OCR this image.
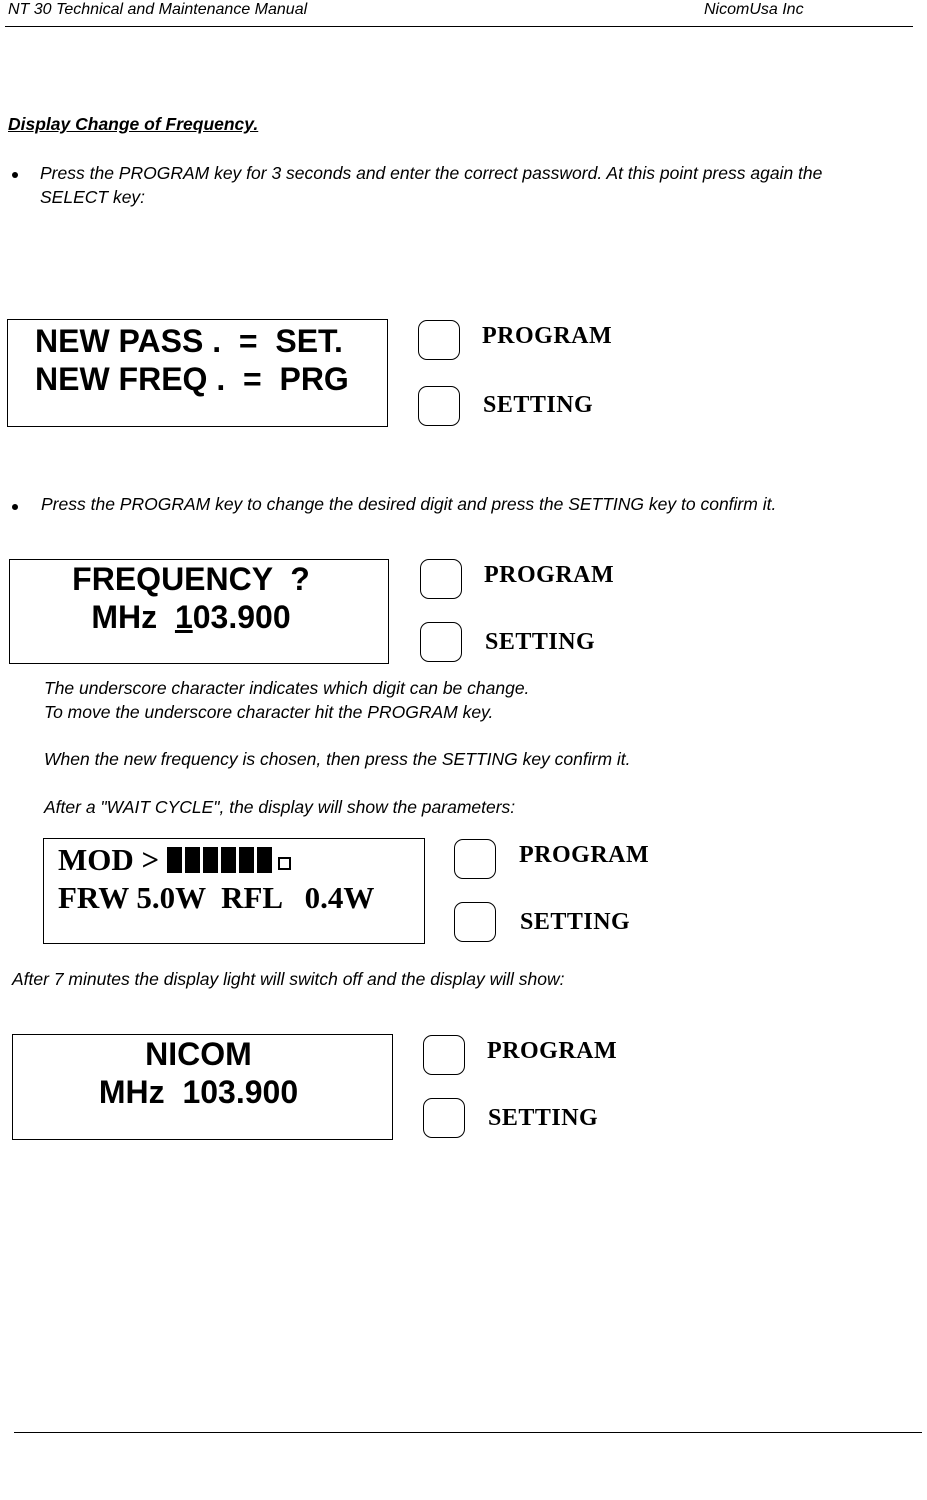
NT 30 Technical and Maintenance Manual	NicomUsa Inc
Display Change of Frequency.
Press the PROGRAM key for 3 seconds and enter the correct password. At this point press again the
SELECT key:
NEW PASS .  =  SET.
NEW FREQ .  =  PRG
PROGRAM
SETTING
Press the PROGRAM key to change the desired digit and press the SETTING key to confirm it.
FREQUENCY  ?
MHz  103.900
PROGRAM
SETTING
The underscore character indicates which digit can be change.
To move the underscore character hit the PROGRAM key.
When the new frequency is chosen, then press the SETTING key confirm it.
After a "WAIT CYCLE", the display will show the parameters:
MOD >
FRW 5.0W  RFL   0.4W
PROGRAM
SETTING
After 7 minutes the display light will switch off and the display will show:
NICOM
MHz  103.900
PROGRAM
SETTING
